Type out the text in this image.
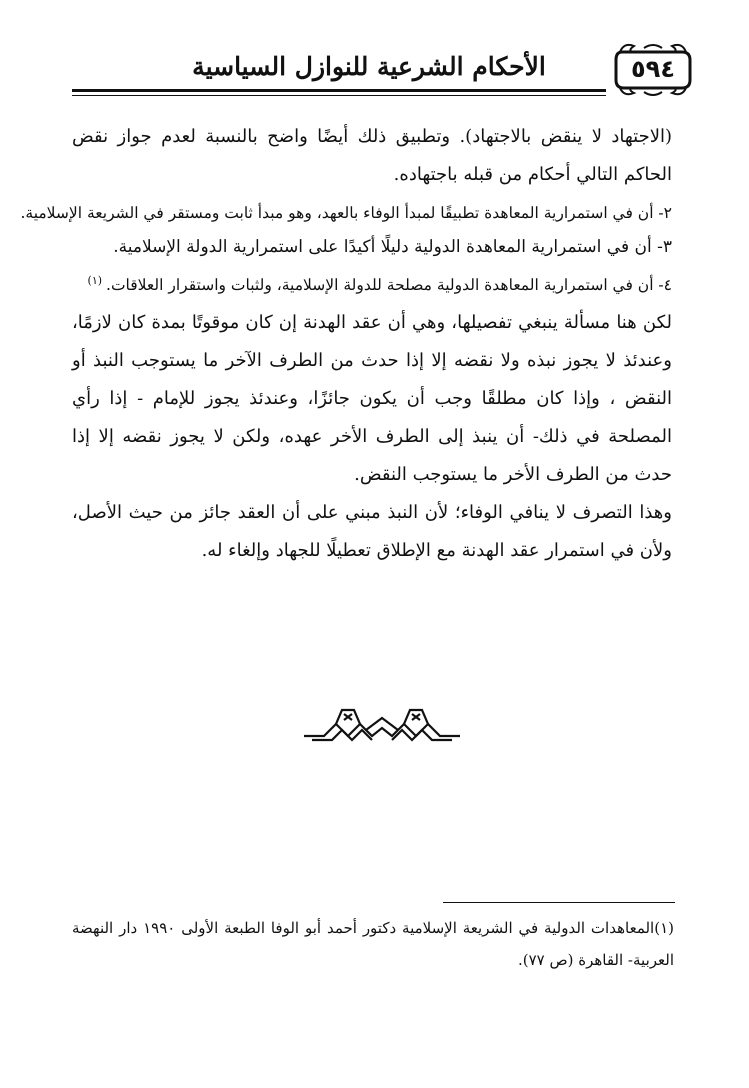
الأحكام الشرعية للنوازل السياسية	٥٩٤

(الاجتهاد لا ينقض بالاجتهاد). وتطبيق ذلك أيضًا واضح بالنسبة لعدم جواز نقض الحاكم التالي أحكام من قبله باجتهاده.

٢- أن في استمرارية المعاهدة تطبيقًا لمبدأ الوفاء بالعهد، وهو مبدأ ثابت ومستقر في الشريعة الإسلامية.

٣- أن في استمرارية المعاهدة الدولية دليلًا أكيدًا على استمرارية الدولة الإسلامية.

٤- أن في استمرارية المعاهدة الدولية مصلحة للدولة الإسلامية، ولثبات واستقرار العلاقات.$^{(١)}$

لكن هنا مسألة ينبغي تفصيلها، وهي أن عقد الهدنة إن كان موقوتًا بمدة كان لازمًا، وعندئذ لا يجوز نبذه ولا نقضه إلا إذا حدث من الطرف الآخر ما يستوجب النبذ أو النقض ، وإذا كان مطلقًا وجب أن يكون جائزًا، وعندئذ يجوز للإمام - إذا رأي المصلحة في ذلك- أن ينبذ إلى الطرف الأخر عهده، ولكن لا يجوز نقضه إلا إذا حدث من الطرف الأخر ما يستوجب النقض.

وهذا التصرف لا ينافي الوفاء؛ لأن النبذ مبني على أن العقد جائز من حيث الأصل، ولأن في استمرار عقد الهدنة مع الإطلاق تعطيلًا للجهاد وإلغاء له.

(١)المعاهدات الدولية في الشريعة الإسلامية دكتور أحمد أبو الوفا الطبعة الأولى ١٩٩٠ دار النهضة العربية- القاهرة (ص ٧٧).
